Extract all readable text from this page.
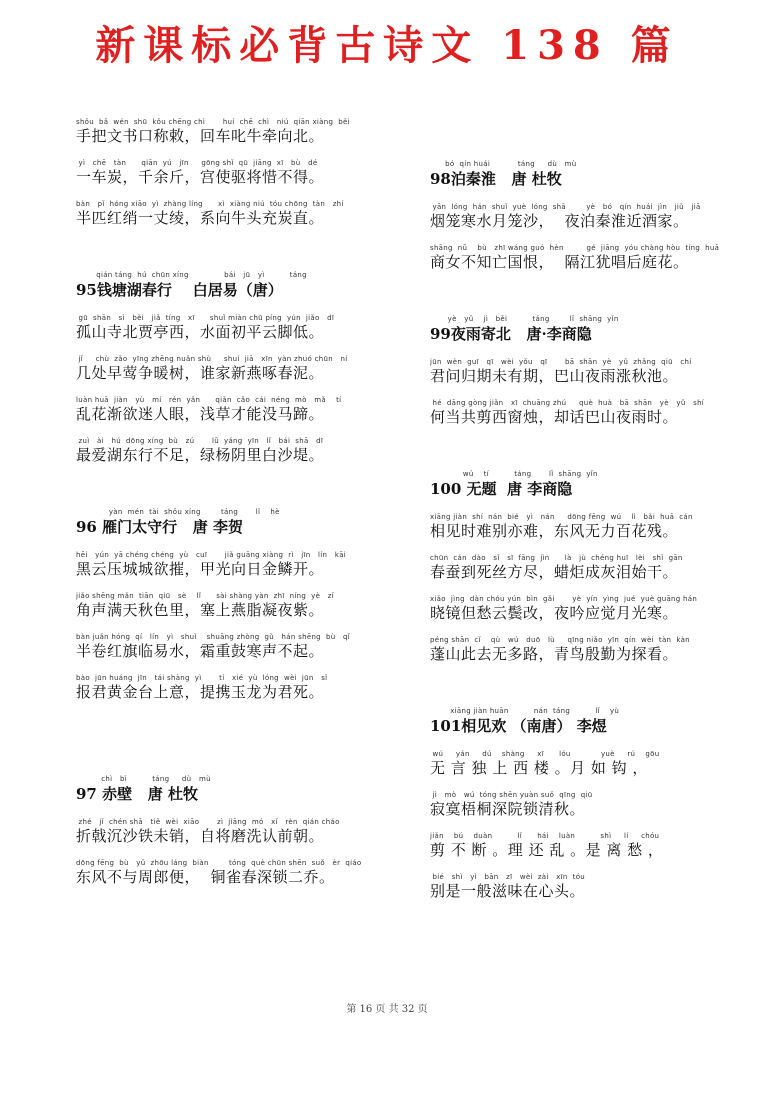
新课标必背古诗文 138 篇
shǒu  bǎ  wén  shū  kǒu chēng chì       huí  chē  chì   niú  qiān xiàng  běi
手把文书口称敕，回车叱牛牵向北。
yì   chē   tàn      qiān  yú   jīn     gōng shǐ  qū  jiāng  xī   bù   dé
一车炭，千余斤，宫使驱将惜不得。
bàn   pǐ  hóng xiāo  yì  zhàng líng      xì  xiàng niú  tóu chōng  tàn   zhí
半匹红绡一丈绫，系向牛头充炭直。
qián táng  hú  chūn xíng              bái   jū   yì          táng
95钱塘湖春行    白居易（唐）
gū  shān   sì   běi   jiǎ  tíng   xī      shuǐ miàn chū píng  yún  jiǎo   dī
孤山寺北贾亭西，水面初平云脚低。
jǐ     chù  zǎo  yīng zhēng nuǎn shù     shuí  jiā   xīn  yàn zhuó chūn   ní
几处早莺争暖树，谁家新燕啄春泥。
luàn huā  jiàn   yù   mí   rén  yǎn      qiǎn  cǎo  cái  néng  mò   mǎ    tí
乱花渐欲迷人眼，浅草才能没马蹄。
zuì   ài   hú  dōng xíng  bù   zú       lǜ  yáng  yīn   lǐ   bái  shā   dī
最爱湖东行不足，绿杨阴里白沙堤。
yàn  mén  tài  shǒu xíng        táng       lǐ    hè
96 雁门太守行   唐 李贺
hēi   yún  yā chéng chéng  yù   cuī       jiǎ guāng xiàng  rì   jīn   lín   kāi
黑云压城城欲摧，甲光向日金鳞开。
jiǎo shēng mǎn  tiān  qiū   sè    lǐ      sài shàng yàn  zhī  níng  yè   zǐ
角声满天秋色里，塞上燕脂凝夜紫。
bàn juǎn hóng  qí   lín   yì   shuǐ    shuāng zhòng  gǔ   hán shēng  bù   qǐ
半卷红旗临易水，霜重鼓寒声不起。
bào  jūn huáng  jīn   tái shàng  yì       tí   xié  yù  lóng  wèi  jūn   sǐ
报君黄金台上意，提携玉龙为君死。
chì   bì          táng     dù   mù
97 赤壁   唐 杜牧
zhé   jǐ  chén shā   tiě  wèi  xiāo       zì  jiāng  mó   xǐ   rèn  qián cháo
折戟沉沙铁未销，自将磨洗认前朝。
dōng fēng  bù   yǔ  zhōu láng  biàn        tóng  què chūn shēn  suǒ   èr  qiáo
东风不与周郎便，  铜雀春深锁二乔。
bó  qín huái           táng     dù   mù
98泊秦淮   唐 杜牧
yān  lóng  hán  shuǐ  yuè  lóng  shā        yè   bó   qín  huái  jìn   jiǔ   jiā
烟笼寒水月笼沙，  夜泊秦淮近酒家。
shāng  nǚ    bù   zhī wáng guó  hèn         gé  jiāng  yóu chàng hòu  tíng  huā
商女不知亡国恨，  隔江犹唱后庭花。
yè   yǔ    jì   běi          táng        lǐ  shāng  yǐn
99夜雨寄北   唐·李商隐
jūn  wèn  guī   qī   wèi  yǒu   qī       bā  shān  yè   yǔ  zhǎng  qiū   chí
君问归期未有期，巴山夜雨涨秋池。
hé  dāng gòng jiǎn   xī  chuāng zhú     què  huà   bā  shān   yè   yǔ   shí
何当共剪西窗烛，却话巴山夜雨时。
wú    tí          táng       lǐ  shāng  yǐn
100 无题  唐 李商隐
xiāng jiàn  shí  nán  bié   yì   nán     dōng fēng  wú    lì   bǎi  huā  cán
相见时难别亦难，东风无力百花残。
chūn  cán  dào   sǐ   sī  fāng  jìn      là   jù  chéng huī   lèi   shǐ  gān
春蚕到死丝方尽，蜡炬成灰泪始干。
xiǎo  jìng  dàn chóu yún  bìn  gǎi       yè  yín  yìng  jué  yuè guāng hán
晓镜但愁云鬓改，夜吟应觉月光寒。
péng shān  cǐ    qù   wú   duō   lù     qīng niǎo  yīn  qín  wèi  tàn  kàn
蓬山此去无多路，青鸟殷勤为探看。
xiāng jiàn huān          nán  táng          lǐ    yù
101相见欢 （南唐） 李煜
wú     yán     dú    shàng     xī      lóu            yuè     rú    gōu
无 言 独 上 西 楼 。月 如 钩 ，
jì   mò   wú  tóng shēn yuàn suǒ  qīng  qiū
寂寞梧桐深院锁清秋。
jiǎn    bú    duàn          lǐ      hái    luàn          shì     lí     chóu
剪 不 断 。理 还 乱 。是 离 愁 ，
bié   shì   yì   bān   zī   wèi  zài   xīn  tóu
别是一般滋味在心头。
第 16 页 共 32 页
